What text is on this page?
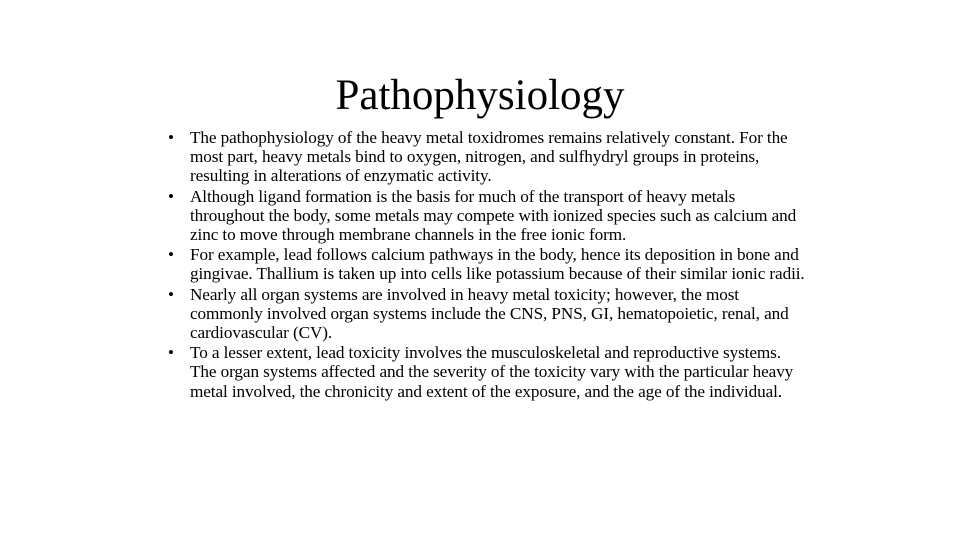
Pathophysiology
• The pathophysiology of the heavy metal toxidromes remains relatively constant. For the most part, heavy metals bind to oxygen, nitrogen, and sulfhydryl groups in proteins, resulting in alterations of enzymatic activity.
• Although ligand formation is the basis for much of the transport of heavy metals throughout the body, some metals may compete with ionized species such as calcium and zinc to move through membrane channels in the free ionic form.
• For example, lead follows calcium pathways in the body, hence its deposition in bone and gingivae. Thallium is taken up into cells like potassium because of their similar ionic radii.
• Nearly all organ systems are involved in heavy metal toxicity; however, the most commonly involved organ systems include the CNS, PNS, GI, hematopoietic, renal, and cardiovascular (CV).
• To a lesser extent, lead toxicity involves the musculoskeletal and reproductive systems. The organ systems affected and the severity of the toxicity vary with the particular heavy metal involved, the chronicity and extent of the exposure, and the age of the individual.
